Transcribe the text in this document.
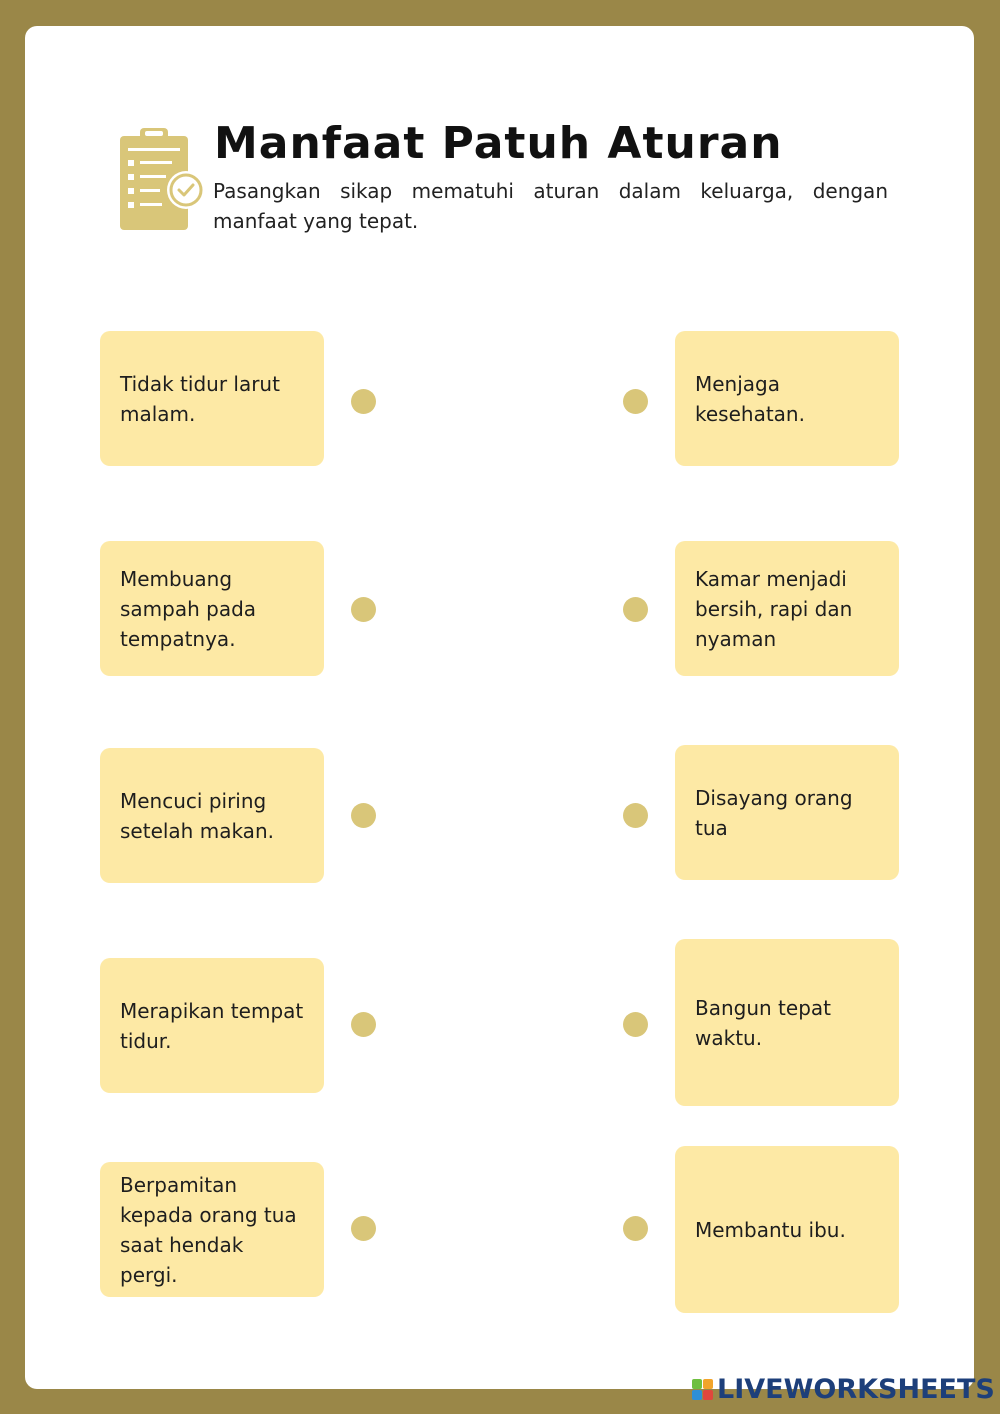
Manfaat Patuh Aturan
Pasangkan sikap mematuhi aturan dalam keluarga, dengan manfaat yang tepat.
Tidak tidur larut malam.
Membuang sampah pada tempatnya.
Mencuci piring setelah makan.
Merapikan tempat tidur.
Berpamitan kepada orang tua saat hendak pergi.
Menjaga kesehatan.
Kamar menjadi bersih, rapi dan nyaman
Disayang orang tua
Bangun tepat waktu.
Membantu ibu.
LIVEWORKSHEETS
